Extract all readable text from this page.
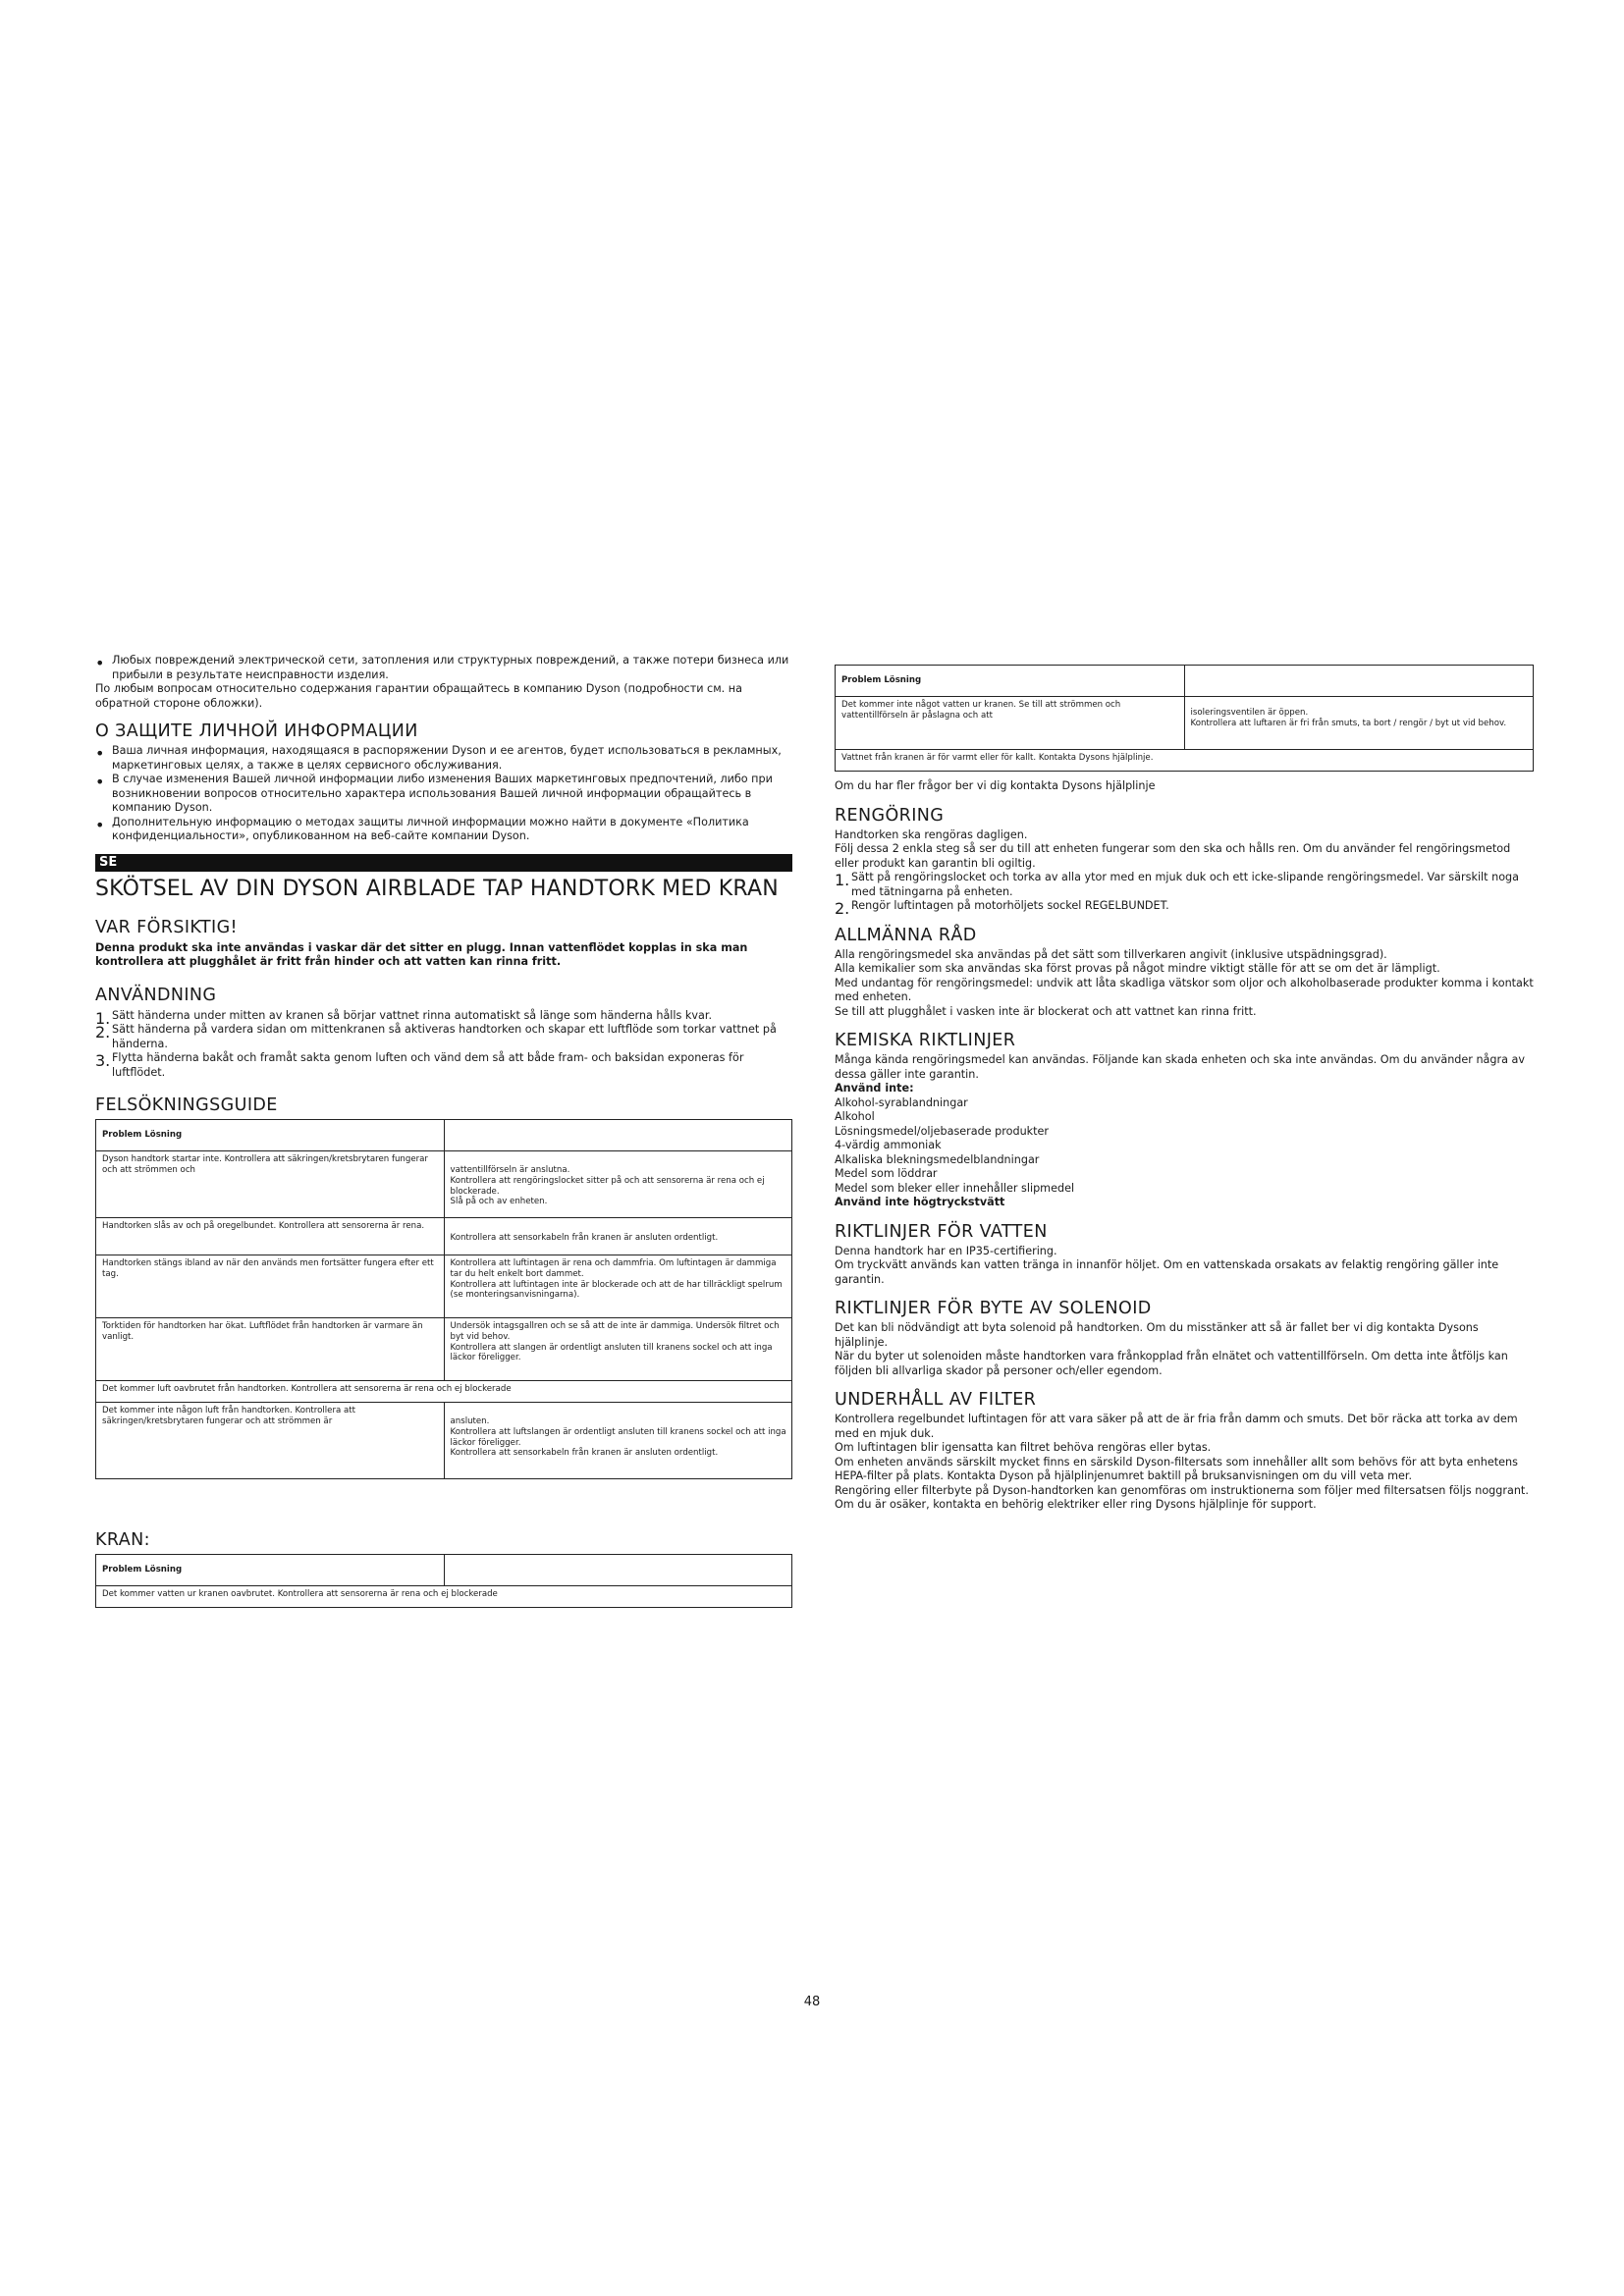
• Любых повреждений электрической сети, затопления или структурных повреждений, а также потери бизнеса или прибыли в результате неисправности изделия.

По любым вопросам относительно содержания гарантии обращайтесь в компанию Dyson (подробности см. на обратной стороне обложки).

О ЗАЩИТЕ ЛИЧНОЙ ИНФОРМАЦИИ
• Ваша личная информация, находящаяся в распоряжении Dyson и ее агентов, будет использоваться в рекламных, маркетинговых целях, а также в целях сервисного обслуживания.

• В случае изменения Вашей личной информации либо изменения Ваших маркетинговых предпочтений, либо при возникновении вопросов относительно характера использования Вашей личной информации обращайтесь в компанию Dyson.

• Дополнительную информацию о методах защиты личной информации можно найти в документе «Политика конфиденциальности», опубликованном на веб-сайте компании Dyson.

SE
SKÖTSEL AV DIN DYSON AIRBLADE TAP HANDTORK MED KRAN
VAR FÖRSIKTIG!

Denna produkt ska inte användas i vaskar där det sitter en plugg. Innan vattenflödet kopplas in ska man kontrollera att plugghålet är fritt från hinder och att vatten kan rinna fritt.

ANVÄNDNING
1. Sätt händerna under mitten av kranen så börjar vattnet rinna automatiskt så länge som händerna hålls kvar.

2. Sätt händerna på vardera sidan om mittenkranen så aktiveras handtorken och skapar ett luftflöde som torkar vattnet på händerna.

3. Flytta händerna bakåt och framåt sakta genom luften och vänd dem så att både fram- och baksidan exponeras för luftflödet.

FELSÖKNINGSGUIDE
Problem Lösning	
Dyson handtork startar inte. Kontrollera att säkringen/kretsbrytaren fungerar och att strömmen och	vattentillförseln är anslutna.
Kontrollera att rengöringslocket sitter på och att sensorerna är rena och ej blockerade.
Slå på och av enheten.

Handtorken slås av och på oregelbundet. Kontrollera att sensorerna är rena.	Kontrollera att sensorkabeln från kranen är ansluten ordentligt.

Handtorken stängs ibland av när den används men fortsätter fungera efter ett tag.	Kontrollera att luftintagen är rena och dammfria. Om luftintagen är dammiga tar du helt enkelt bort dammet.
Kontrollera att luftintagen inte är blockerade och att de har tillräckligt spelrum (se monteringsanvisningarna).

Torktiden för handtorken har ökat. Luftflödet från handtorken är varmare än vanligt.	Undersök intagsgallren och se så att de inte är dammiga. Undersök filtret och byt vid behov.
Kontrollera att slangen är ordentligt ansluten till kranens sockel och att inga läckor föreligger.

Det kommer luft oavbrutet från handtorken. Kontrollera att sensorerna är rena och ej blockerade	
Det kommer inte någon luft från handtorken. Kontrollera att säkringen/kretsbrytaren fungerar och att strömmen är	ansluten.
Kontrollera att luftslangen är ordentligt ansluten till kranens sockel och att inga läckor föreligger.
Kontrollera att sensorkabeln från kranen är ansluten ordentligt.
KRAN:
Problem Lösning	
Det kommer vatten ur kranen oavbrutet. Kontrollera att sensorerna är rena och ej blockerade
Problem Lösning	
Det kommer inte något vatten ur kranen. Se till att strömmen och vattentillförseln är påslagna och att	isoleringsventilen är öppen.
Kontrollera att luftaren är fri från smuts, ta bort / rengör / byt ut vid behov.

Vattnet från kranen är för varmt eller för kallt. Kontakta Dysons hjälplinje.	

Om du har fler frågor ber vi dig kontakta Dysons hjälplinje

RENGÖRING

Handtorken ska rengöras dagligen.

Följ dessa 2 enkla steg så ser du till att enheten fungerar som den ska och hålls ren. Om du använder fel rengöringsmetod eller produkt kan garantin bli ogiltig.

1. Sätt på rengöringslocket och torka av alla ytor med en mjuk duk och ett icke-slipande rengöringsmedel. Var särskilt noga med tätningarna på enheten.

2. Rengör luftintagen på motorhöljets sockel REGELBUNDET.

ALLMÄNNA RÅD

Alla rengöringsmedel ska användas på det sätt som tillverkaren angivit (inklusive utspädningsgrad).

Alla kemikalier som ska användas ska först provas på något mindre viktigt ställe för att se om det är lämpligt.

Med undantag för rengöringsmedel: undvik att låta skadliga vätskor som oljor och alkoholbaserade produkter komma i kontakt med enheten.

Se till att plugghålet i vasken inte är blockerat och att vattnet kan rinna fritt.

KEMISKA RIKTLINJER

Många kända rengöringsmedel kan användas. Följande kan skada enheten och ska inte användas. Om du använder några av dessa gäller inte garantin.

Använd inte:

Alkohol-syrablandningar

Alkohol

Lösningsmedel/oljebaserade produkter

4-värdig ammoniak

Alkaliska blekningsmedelblandningar

Medel som löddrar

Medel som bleker eller innehåller slipmedel

Använd inte högtryckstvätt

RIKTLINJER FÖR VATTEN

Denna handtork har en IP35-certifiering.

Om tryckvätt används kan vatten tränga in innanför höljet. Om en vattenskada orsakats av felaktig rengöring gäller inte garantin.

RIKTLINJER FÖR BYTE AV SOLENOID

Det kan bli nödvändigt att byta solenoid på handtorken. Om du misstänker att så är fallet ber vi dig kontakta Dysons hjälplinje.

När du byter ut solenoiden måste handtorken vara frånkopplad från elnätet och vattentillförseln. Om detta inte åtföljs kan följden bli allvarliga skador på personer och/eller egendom.

UNDERHÅLL AV FILTER

Kontrollera regelbundet luftintagen för att vara säker på att de är fria från damm och smuts. Det bör räcka att torka av dem med en mjuk duk.

Om luftintagen blir igensatta kan filtret behöva rengöras eller bytas.

Om enheten används särskilt mycket finns en särskild Dyson-filtersats som innehåller allt som behövs för att byta enhetens HEPA-filter på plats. Kontakta Dyson på hjälplinjenumret baktill på bruksanvisningen om du vill veta mer.

Rengöring eller filterbyte på Dyson-handtorken kan genomföras om instruktionerna som följer med filtersatsen följs noggrant. Om du är osäker, kontakta en behörig elektriker eller ring Dysons hjälplinje för support.

48
